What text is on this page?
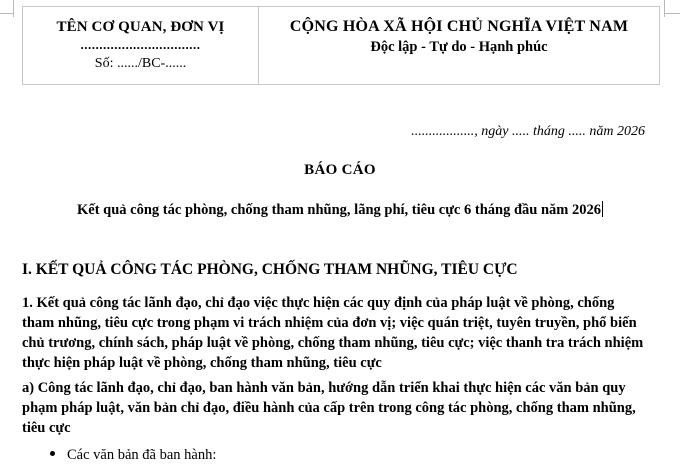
TÊN CƠ QUAN, ĐƠN VỊ
................................
Số: ....../BC-......

CỘNG HÒA XÃ HỘI CHỦ NGHĨA VIỆT NAM
Độc lập - Tự do - Hạnh phúc
.................., ngày ..... tháng ..... năm 2026
BÁO CÁO
Kết quả công tác phòng, chống tham nhũng, lãng phí, tiêu cực 6 tháng đầu năm 2026
I. KẾT QUẢ CÔNG TÁC PHÒNG, CHỐNG THAM NHŨNG, TIÊU CỰC
1. Kết quả công tác lãnh đạo, chỉ đạo việc thực hiện các quy định của pháp luật về phòng, chống tham nhũng, tiêu cực trong phạm vi trách nhiệm của đơn vị; việc quán triệt, tuyên truyền, phổ biến chủ trương, chính sách, pháp luật về phòng, chống tham nhũng, tiêu cực; việc thanh tra trách nhiệm thực hiện pháp luật về phòng, chống tham nhũng, tiêu cực
a) Công tác lãnh đạo, chỉ đạo, ban hành văn bản, hướng dẫn triển khai thực hiện các văn bản quy phạm pháp luật, văn bản chỉ đạo, điều hành của cấp trên trong công tác phòng, chống tham nhũng, tiêu cực
Các văn bản đã ban hành:
